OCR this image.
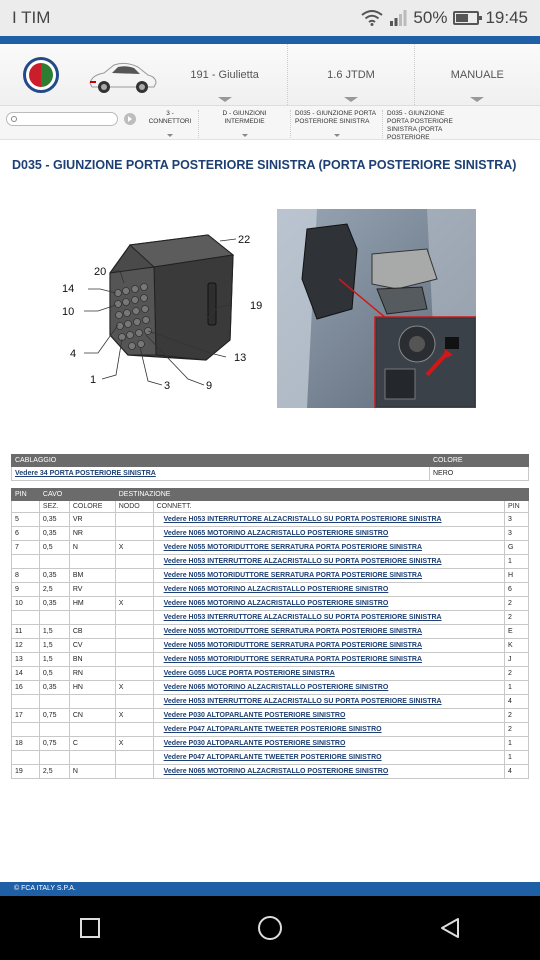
I TIM	50% 19:45
191 - Giulietta	1.6 JTDM	MANUALE
3 - CONNETTORI
D - GIUNZIONI INTERMEDIE
D035 - GIUNZIONE PORTA POSTERIORE SINISTRA
D035 - GIUNZIONE PORTA POSTERIORE SINISTRA (PORTA POSTERIORE
D035 - GIUNZIONE PORTA POSTERIORE SINISTRA (PORTA POSTERIORE SINISTRA)
22
20
14
19
10
4	13
1	3	9
CABLAGGIO	COLORE
Vedere 34 PORTA POSTERIORE SINISTRA	NERO
PIN	CAVO		DESTINAZIONE		
	SEZ.	COLORE	NODO	CONNETT.	PIN
5	0,35	VR		Vedere H053 INTERRUTTORE ALZACRISTALLO SU PORTA POSTERIORE SINISTRA	3
6	0,35	NR		Vedere N065 MOTORINO ALZACRISTALLO POSTERIORE SINISTRO	3
7	0,5	N	X	Vedere N055 MOTORIDUTTORE SERRATURA PORTA POSTERIORE SINISTRA	G
				Vedere H053 INTERRUTTORE ALZACRISTALLO SU PORTA POSTERIORE SINISTRA	1
8	0,35	BM		Vedere N055 MOTORIDUTTORE SERRATURA PORTA POSTERIORE SINISTRA	H
9	2,5	RV		Vedere N065 MOTORINO ALZACRISTALLO POSTERIORE SINISTRO	6
10	0,35	HM	X	Vedere N065 MOTORINO ALZACRISTALLO POSTERIORE SINISTRO	2
				Vedere H053 INTERRUTTORE ALZACRISTALLO SU PORTA POSTERIORE SINISTRA	2
11	1,5	CB		Vedere N055 MOTORIDUTTORE SERRATURA PORTA POSTERIORE SINISTRA	E
12	1,5	CV		Vedere N055 MOTORIDUTTORE SERRATURA PORTA POSTERIORE SINISTRA	K
13	1,5	BN		Vedere N055 MOTORIDUTTORE SERRATURA PORTA POSTERIORE SINISTRA	J
14	0,5	RN		Vedere G055 LUCE PORTA POSTERIORE SINISTRA	2
16	0,35	HN	X	Vedere N065 MOTORINO ALZACRISTALLO POSTERIORE SINISTRO	1
				Vedere H053 INTERRUTTORE ALZACRISTALLO SU PORTA POSTERIORE SINISTRA	4
17	0,75	CN	X	Vedere P030 ALTOPARLANTE POSTERIORE SINISTRO	2
				Vedere P047 ALTOPARLANTE TWEETER POSTERIORE SINISTRO	2
18	0,75	C	X	Vedere P030 ALTOPARLANTE POSTERIORE SINISTRO	1
				Vedere P047 ALTOPARLANTE TWEETER POSTERIORE SINISTRO	1
19	2,5	N		Vedere N065 MOTORINO ALZACRISTALLO POSTERIORE SINISTRO	4
© FCA ITALY S.P.A.
